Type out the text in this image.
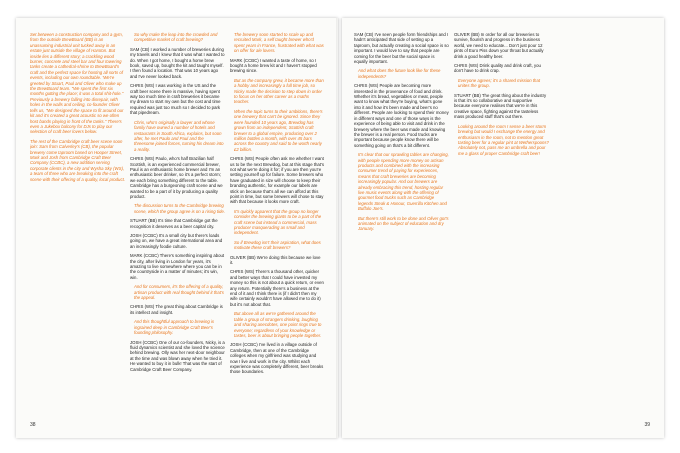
Set between a construction company and a gym, from the outside BrewBoard (BB) is an unassuming industrial unit tucked away in an estate just outside the village of Harston. But inside lies a different story; a crackling wood burner, concrete and steel bar and four towering tanks create a cathedral-shrine to BrewBoard's craft and the perfect space for hosting all sorts of events, including our own roundtable. 'We're greeted by Stuart, Paul and Oliver who make up the BrewBoard team. "We spent the first six months gutting the place; it was a total shit-hole." Previously a brewery falling into disrepair, with holes in the walls and ceiling, co-founder Oliver tells us, "We designed the space to fit around our kit and it's created a great acoustic so we often host bands playing in front of the tanks." There's even a Jukebox balcony for DJs to play our selection of craft beer lovers below.

The rest of the Cambridge craft beer scene soon join: Sam from Calverley's (CB), the popular brewery come taproom based on Hooper Street, Mark and Josh from Cambridge Craft Beer Company (CCBC), a new addition serving corporate clients in the city and Wysha Sky (WS), a team of three who are breaking into the craft scene with their offering of a quality, local product.

So why make the leap into the crowded and competitive market of craft brewing?

SAM (CB) I worked a number of breweries during my travels and I knew that it was what I wanted to do. When I got home, I bought a home brew book, saved up, bought the kit and taught myself. I then found a location. That was 10 years ago and I've never looked back.

CHRIS (WS) I was working in the US and the craft beer scene there is massive, having spent way too much time in craft breweries it became my dream to start my own but the cost and time required was just too much so I decided to park that pipedream.

Chris, who's originally a lawyer and whose family have owned a number of hotels and restaurants in South Africa, explains, but soon after, he met Paulo and Paul and the threesome joined forces, turning his dream into a reality.

CHRIS (WS) Paulo, who's half Brazilian half Scottish, is an experienced commercial brewer, Paul is an enthusiastic home brewer and I'm an enthusiastic beer drinker, so it's a perfect storm; we each bring something different to the table. Cambridge has a burgeoning craft scene and we wanted to be a part of it by producing a quality product.

The discussion turns to the Cambridge brewing scene, which the group agree is on a rising tide.

STUART (BB) It's time that Cambridge got the recognition it deserves as a beer capital city.

JOSH (CCBC) It's a small city but there's loads going on, we have a great international area and an increasingly foodie culture.

MARK (CCBC) There's something inspiring about the city, after living in London for years, it's amazing to live somewhere where you can be in the countryside in a matter of minutes; it's win, win.

And for consumers, it's the offering of a quality, artisan product with real thought behind it that's the appeal.

CHRIS (WS) The great thing about Cambridge is its intellect and insight.

And this thoughtful approach to brewing is ingrained deep in Cambridge Craft Beer's founding philosophy.

JOSH (CCBC) One of our co-founders, Nicky, is a fluid dynamics scientist and she loved the science behind brewing. Olly was her next-door neighbour at the time and was blown away when he tried it. He wanted to buy it in bulk! That was the start of Cambridge Craft Beer Company.

The brewery soon started to scale up and recruited Mark, a self taught brewer who'd spent years in France, frustrated with what was on offer for ale lovers.

MARK (CCBC) I wanted a taste of home, so I bought a home brew kit and I haven't stopped brewing since.

But as the company grew, it became more than a hobby and increasingly a full time job, so Nicky made the decision to step down in order to focus on her other career as a maths teacher.

When the topic turns to their ambitions, there's one brewery that can't be ignored. Since they were founded 10 years ago, Brewdog has grown from an independent, Scottish craft brewer to a global empire, producing over 2 million bottles a month, with over 45 bars across the country and said to be worth nearly £2 billion.

CHRIS (WS) People often ask me whether I want us to be the next Brewdog, but at this stage that's not what we're doing it for; if you are then you're setting yourself up for failure. Some brewers who have graduated in size will choose to keep their branding authentic, for example our labels are stick on because that's all we can afford at this point in time, but some brewers will chose to stay with that because it looks more craft.

It's quickly apparent that the group no longer consider the brewing giants to be a part of the craft scene but instead a commercial, mass producer masquerading as small and independent.

So if Brewdog isn't their aspiration, what does motivate these craft brewers?

OLIVER (BB) We're doing this because we love it.

CHRIS (WS) There's a thousand other, quicker and better ways that I could have invested my money so this is not about a quick return, or even any return. Potentially there's a business at the end of it and I think there is (if I didn't then my wife certainly wouldn't have allowed me to do it) but it's not about that.

But above all as we're gathered around the table a group of strangers drinking, laughing and sharing anecdotes, one point rings true to everyone; regardless of your knowledge or tastes, beer is about bringing people together.

JOSH (CCBC) I've lived in a village outside of Cambridge, then at one of the Cambridge colleges when my girlfriend was studying and now I live and work in the city. Whilst each experience was completely different, beer breaks those boundaries.

38

SAM (CB) I've seen people form friendships and I hadn't anticipated that side of setting up a taproom, but actually creating a social space is so important. I would love to say that people are coming for the beer but the social space is equally important.

And what does the future look like for these independents?

CHRIS (WS) People are becoming more interested in the provenance of food and drink. Whether it's bread, vegetables or meat, people want to know what they're buying, what's gone into it and how it's been made and beer's no different. People are looking to spend their money in different ways and one of those ways is the experience of being able to visit and drink in the brewery where the beer was made and knowing the brewer is a real person. Food trucks are important because people know there will be something going on that's a bit different.

It's clear that our sprawling tables are changing, with people spending more money on artisan products and combined with the increasing consumer trend of paying for experiences, means that craft breweries are becoming increasingly popular. And our brewers are already embracing this trend, hosting regular live music events along with the offering of gourmet food trucks such as Cambridge legends Steak & Honour, Guerrilla Kitchen and Buffalo Joe's.

But there's still work to be done and Oliver got's animated on the subject of education and dry January.

OLIVER (BB) In order for all our breweries to survive, flourish and progress in the business world, we need to educate... Don't just pour 12 pints of Euro Piss down your throat but actually drink a good healthy beer.

CHRIS (WS) Drink quality and drink craft, you don't have to drink crap.

Everyone agrees; it's a shared mission that unites the group.

STUART (BB) The great thing about the industry is that it's so collaborative and supportive because everyone realises that we're in this creative space, fighting against the tasteless mass produced stuff that's out there.

Looking around the room I sense a beer storm brewing but would I exchange the energy and enthusiasm in the room, not to mention great tasting beer for a regular pint at Wetherspoons? Absolutely not, pass me an umbrella and pour me a glass of proper Cambridge craft beer!

39
